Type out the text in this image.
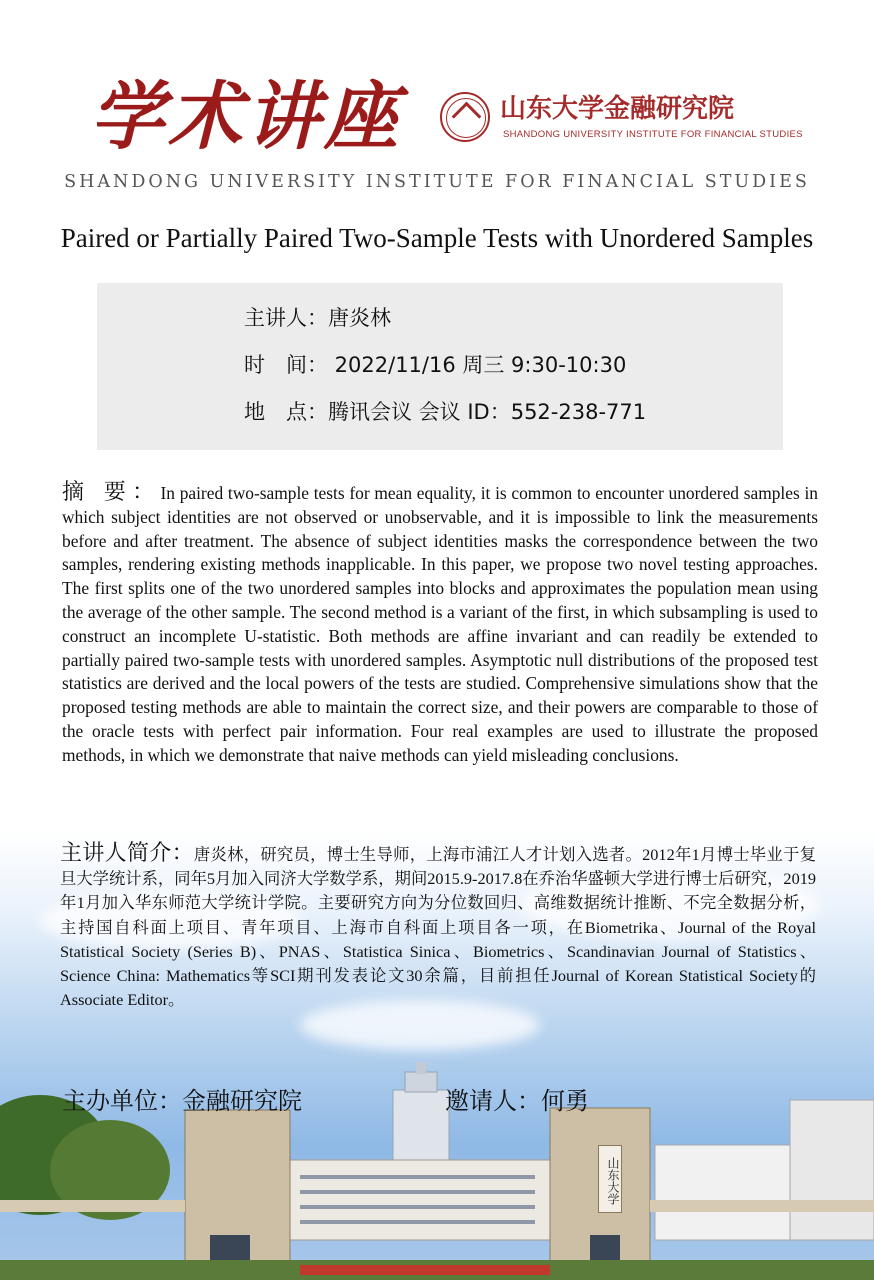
学术讲座	山东大学金融研究院
SHANDONG UNIVERSITY INSTITUTE FOR FINANCIAL STUDIES
SHANDONG UNIVERSITY INSTITUTE FOR FINANCIAL STUDIES
Paired or Partially Paired Two-Sample Tests with Unordered Samples
主讲人：唐炎林
时　间： 2022/11/16 周三 9:30-10:30
地　点：腾讯会议 会议 ID：552-238-771
摘 要：In paired two-sample tests for mean equality, it is common to encounter unordered samples in which subject identities are not observed or unobservable, and it is impossible to link the measurements before and after treatment. The absence of subject identities masks the correspondence between the two samples, rendering existing methods inapplicable. In this paper, we propose two novel testing approaches. The first splits one of the two unordered samples into blocks and approximates the population mean using the average of the other sample. The second method is a variant of the first, in which subsampling is used to construct an incomplete U-statistic. Both methods are affine invariant and can readily be extended to partially paired two-sample tests with unordered samples. Asymptotic null distributions of the proposed test statistics are derived and the local powers of the tests are studied. Comprehensive simulations show that the proposed testing methods are able to maintain the correct size, and their powers are comparable to those of the oracle tests with perfect pair information. Four real examples are used to illustrate the proposed methods, in which we demonstrate that naive methods can yield misleading conclusions.
主讲人简介：唐炎林，研究员，博士生导师，上海市浦江人才计划入选者。2012年1月博士毕业于复旦大学统计系，同年5月加入同济大学数学系，期间2015.9-2017.8在乔治华盛顿大学进行博士后研究，2019年1月加入华东师范大学统计学院。主要研究方向为分位数回归、高维数据统计推断、不完全数据分析，主持国自科面上项目、青年项目、上海市自科面上项目各一项，在Biometrika、Journal of the Royal Statistical Society (Series B)、PNAS、Statistica Sinica、Biometrics、Scandinavian Journal of Statistics、Science China: Mathematics等SCI期刊发表论文30余篇，目前担任Journal of Korean Statistical Society的Associate Editor。
山东大学
主办单位：金融研究院	邀请人：何勇
